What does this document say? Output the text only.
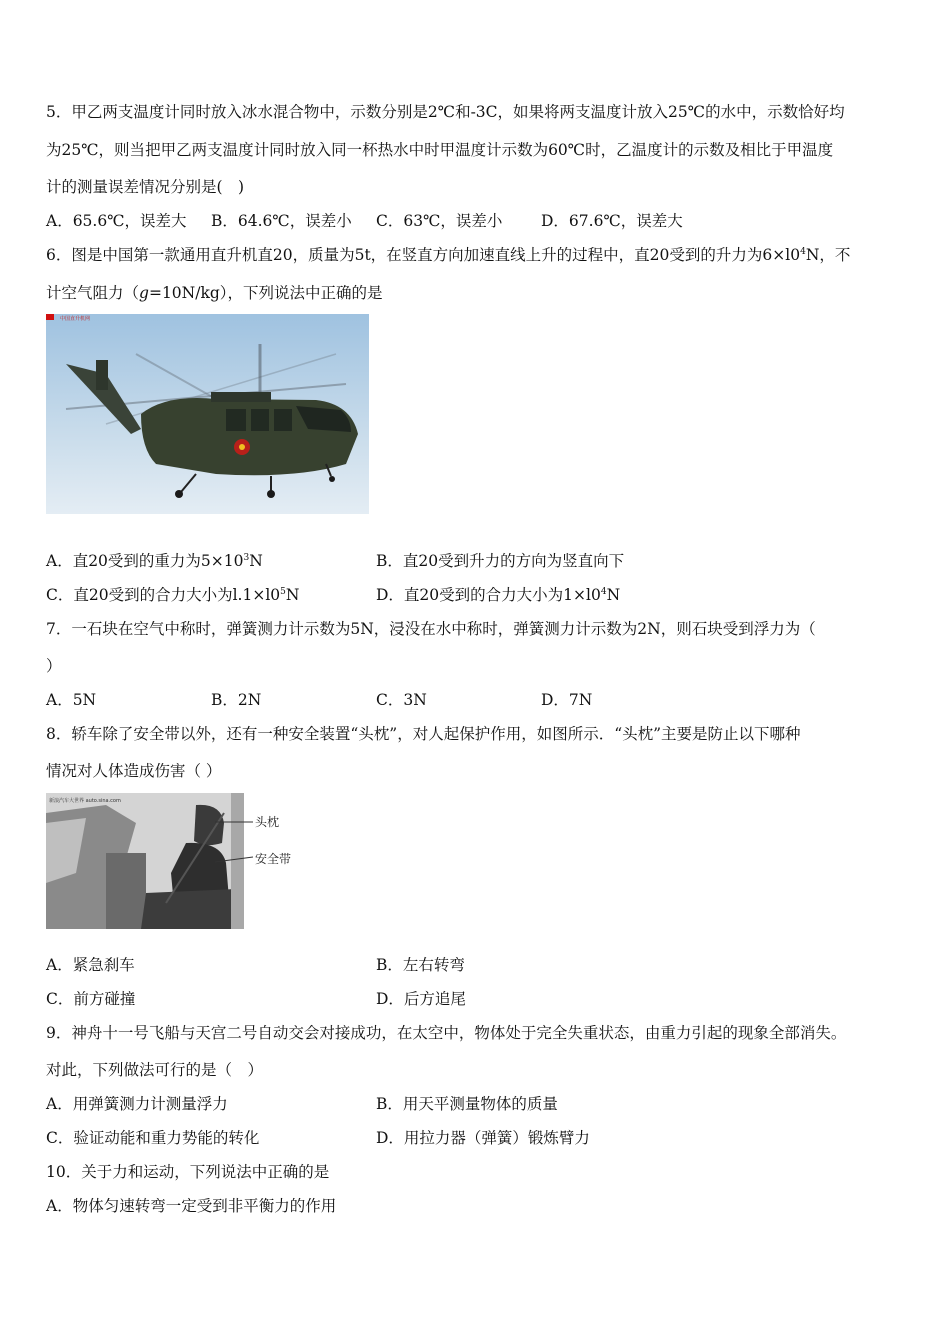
5．甲乙两支温度计同时放入冰水混合物中，示数分别是2℃和-3C，如果将两支温度计放入25℃的水中，示数恰好均
为25℃，则当把甲乙两支温度计同时放入同一杯热水中时甲温度计示数为60℃时，乙温度计的示数及相比于甲温度
计的测量误差情况分别是(　)
A．65.6℃，误差大 B．64.6℃，误差小 C．63℃，误差小 D．67.6℃，误差大
6．图是中国第一款通用直升机直20，质量为5t，在竖直方向加速直线上升的过程中，直20受到的升力为$6\times l0^4N$，不
计空气阻力（g=10N/kg），下列说法中正确的是
中国直升机网
A．直20受到的重力为$5\times 10^3N$	B．直20受到升力的方向为竖直向下
C．直20受到的合力大小为$l.1\times l0^5N$	D．直20受到的合力大小为$1\times l0^4N$
7．一石块在空气中称时，弹簧测力计示数为5N，浸没在水中称时，弹簧测力计示数为2N，则石块受到浮力为（
）
A．5N	B．2N	C．3N	D．7N
8．轿车除了安全带以外，还有一种安全装置“头枕”，对人起保护作用，如图所示．“头枕”主要是防止以下哪种
情况对人体造成伤害（ ）
新浪汽车大世界 auto.sina.com
头枕
安全带
A．紧急刹车	B．左右转弯
C．前方碰撞	D．后方追尾
9．神舟十一号飞船与天宫二号自动交会对接成功，在太空中，物体处于完全失重状态，由重力引起的现象全部消失。
对此，下列做法可行的是（　）
A．用弹簧测力计测量浮力	B．用天平测量物体的质量
C．验证动能和重力势能的转化	D．用拉力器（弹簧）锻炼臂力
10．关于力和运动，下列说法中正确的是
A．物体匀速转弯一定受到非平衡力的作用
